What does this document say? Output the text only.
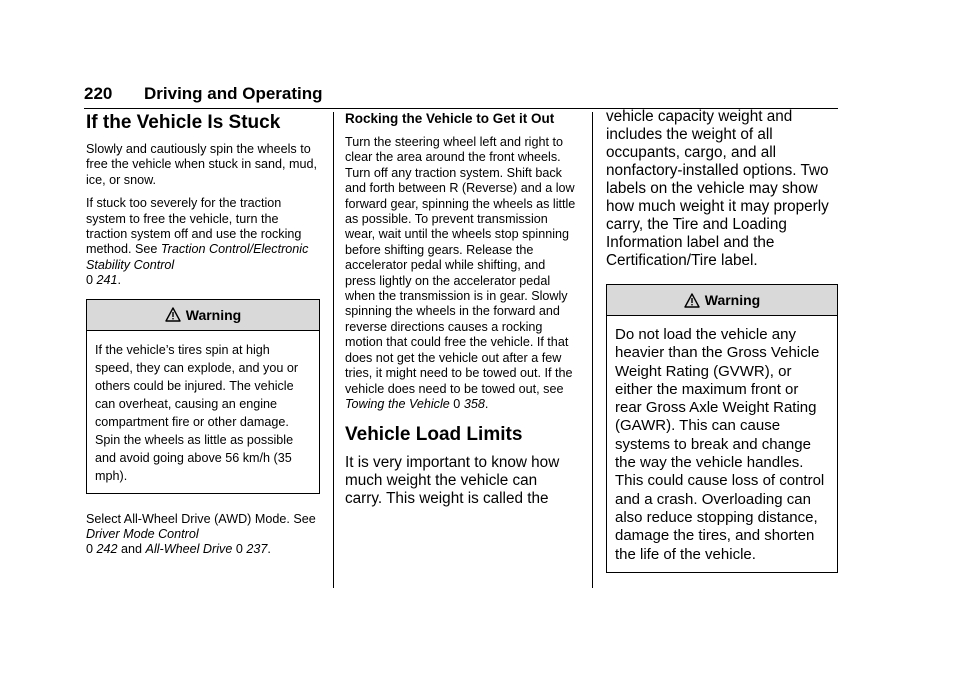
220 Driving and Operating
If the Vehicle Is Stuck

Slowly and cautiously spin the wheels to free the vehicle when stuck in sand, mud, ice, or snow.

If stuck too severely for the traction system to free the vehicle, turn the traction system off and use the rocking method. See Traction Control/Electronic Stability Control
0 241.

Warning
If the vehicle’s tires spin at high speed, they can explode, and you or others could be injured. The vehicle can overheat, causing an engine compartment fire or other damage. Spin the wheels as little as possible and avoid going above 56 km/h (35 mph).

Select All-Wheel Drive (AWD) Mode. See Driver Mode Control
0 242 and All-Wheel Drive 0 237.

Rocking the Vehicle to Get it Out

Turn the steering wheel left and right to clear the area around the front wheels. Turn off any traction system. Shift back and forth between R (Reverse) and a low forward gear, spinning the wheels as little as possible. To prevent transmission wear, wait until the wheels stop spinning before shifting gears. Release the accelerator pedal while shifting, and press lightly on the accelerator pedal when the transmission is in gear. Slowly spinning the wheels in the forward and reverse directions causes a rocking motion that could free the vehicle. If that does not get the vehicle out after a few tries, it might need to be towed out. If the vehicle does need to be towed out, see Towing the Vehicle 0 358.

Vehicle Load Limits

It is very important to know how much weight the vehicle can carry. This weight is called the

vehicle capacity weight and includes the weight of all occupants, cargo, and all nonfactory-installed options. Two labels on the vehicle may show how much weight it may properly carry, the Tire and Loading Information label and the Certification/Tire label.

Warning
Do not load the vehicle any heavier than the Gross Vehicle Weight Rating (GVWR), or either the maximum front or rear Gross Axle Weight Rating (GAWR). This can cause systems to break and change the way the vehicle handles. This could cause loss of control and a crash. Overloading can also reduce stopping distance, damage the tires, and shorten the life of the vehicle.
